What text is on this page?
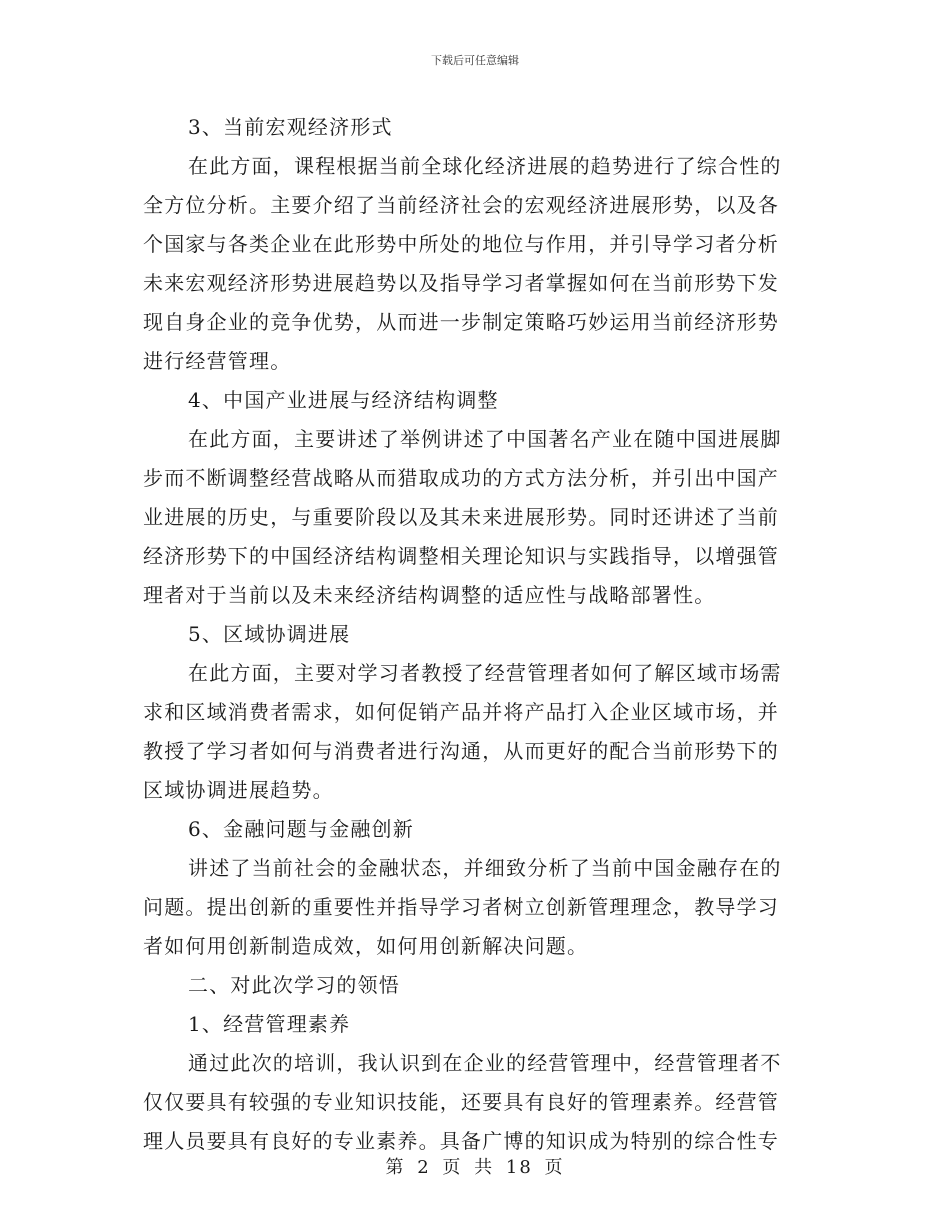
下载后可任意编辑

3、当前宏观经济形式

在此方面，课程根据当前全球化经济进展的趋势进行了综合性的

全方位分析。主要介绍了当前经济社会的宏观经济进展形势，以及各

个国家与各类企业在此形势中所处的地位与作用，并引导学习者分析

未来宏观经济形势进展趋势以及指导学习者掌握如何在当前形势下发

现自身企业的竞争优势，从而进一步制定策略巧妙运用当前经济形势

进行经营管理。

4、中国产业进展与经济结构调整

在此方面，主要讲述了举例讲述了中国著名产业在随中国进展脚

步而不断调整经营战略从而猎取成功的方式方法分析，并引出中国产

业进展的历史，与重要阶段以及其未来进展形势。同时还讲述了当前

经济形势下的中国经济结构调整相关理论知识与实践指导，以增强管

理者对于当前以及未来经济结构调整的适应性与战略部署性。

5、区域协调进展

在此方面，主要对学习者教授了经营管理者如何了解区域市场需

求和区域消费者需求，如何促销产品并将产品打入企业区域市场，并

教授了学习者如何与消费者进行沟通，从而更好的配合当前形势下的

区域协调进展趋势。

6、金融问题与金融创新

讲述了当前社会的金融状态，并细致分析了当前中国金融存在的

问题。提出创新的重要性并指导学习者树立创新管理理念，教导学习

者如何用创新制造成效，如何用创新解决问题。

二、对此次学习的领悟

1、经营管理素养

通过此次的培训，我认识到在企业的经营管理中，经营管理者不

仅仅要具有较强的专业知识技能，还要具有良好的管理素养。经营管

理人员要具有良好的专业素养。具备广博的知识成为特别的综合性专

第 2 页 共 18 页
